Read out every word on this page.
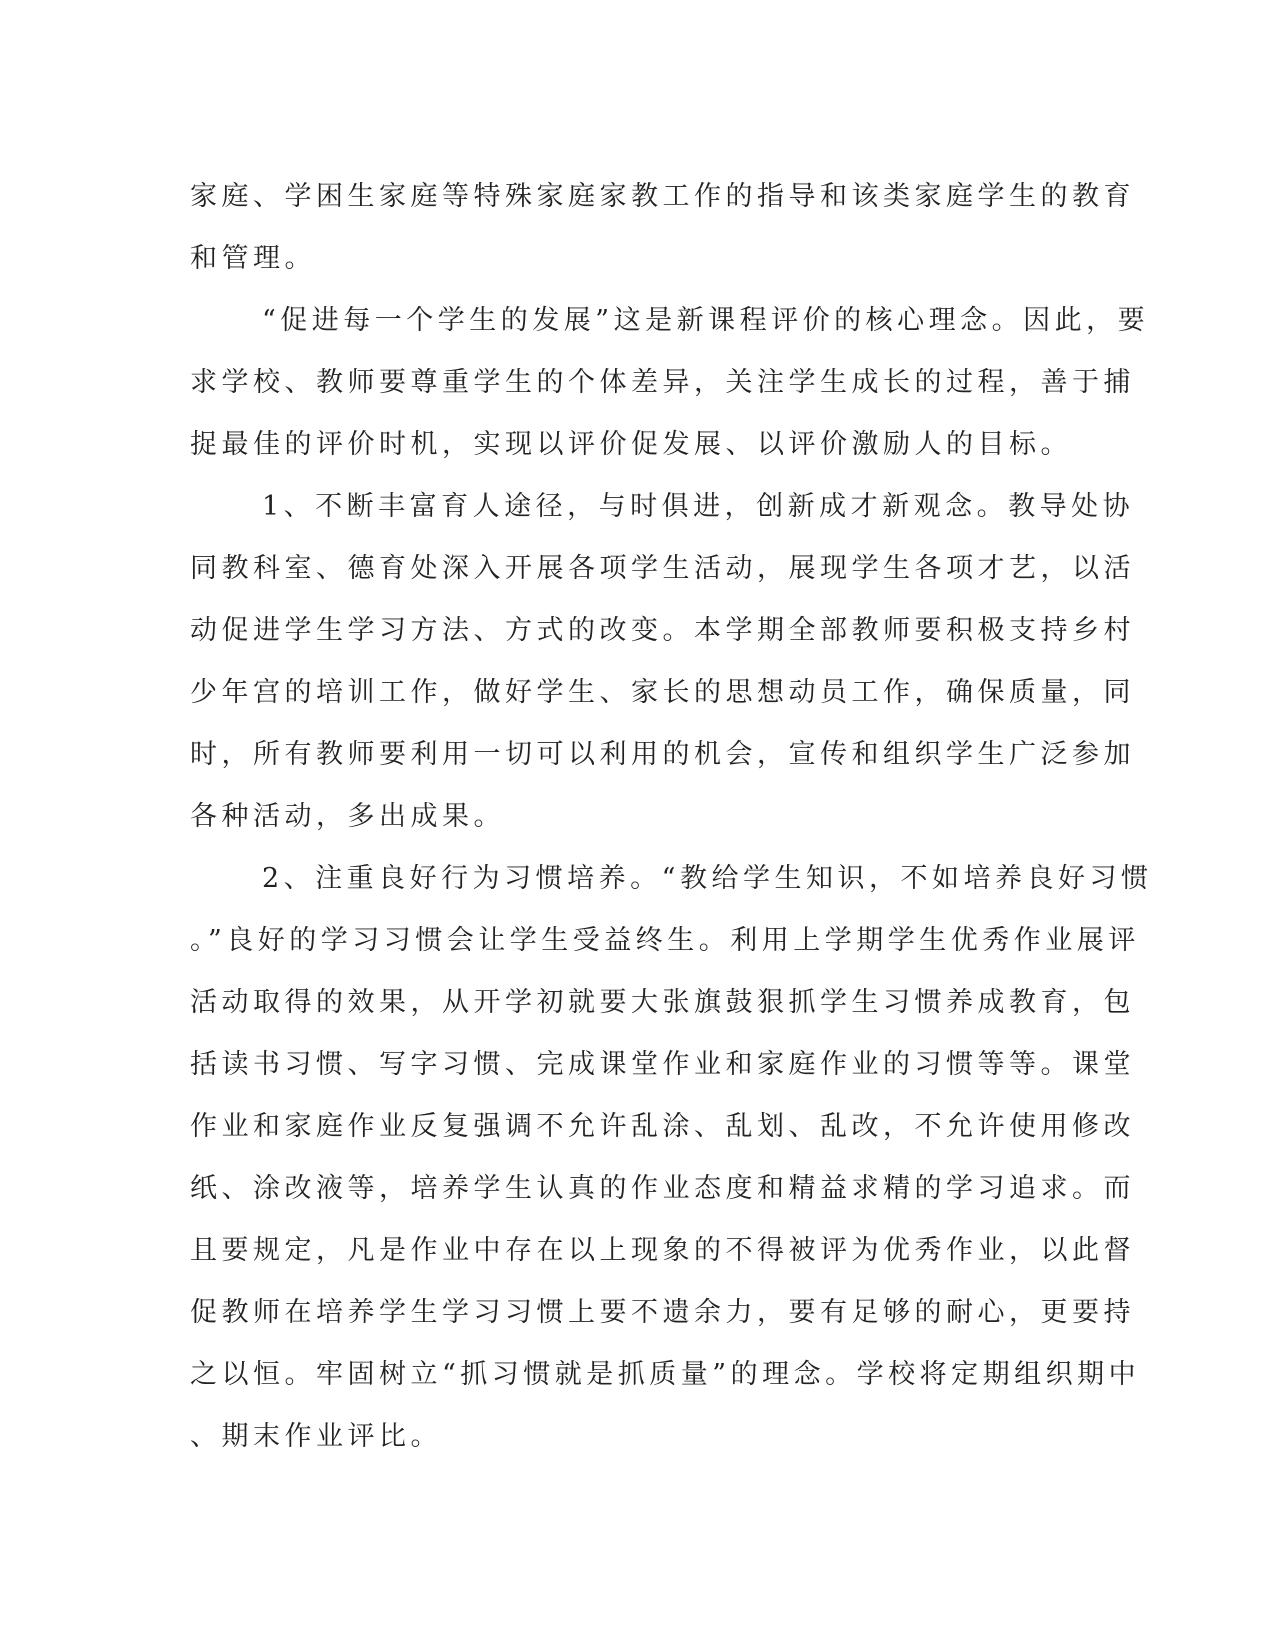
家庭、学困生家庭等特殊家庭家教工作的指导和该类家庭学生的教育
和管理。
“促进每一个学生的发展”这是新课程评价的核心理念。因此，要
求学校、教师要尊重学生的个体差异，关注学生成长的过程，善于捕
捉最佳的评价时机，实现以评价促发展、以评价激励人的目标。
1、不断丰富育人途径，与时俱进，创新成才新观念。教导处协
同教科室、德育处深入开展各项学生活动，展现学生各项才艺，以活
动促进学生学习方法、方式的改变。本学期全部教师要积极支持乡村
少年宫的培训工作，做好学生、家长的思想动员工作，确保质量，同
时，所有教师要利用一切可以利用的机会，宣传和组织学生广泛参加
各种活动，多出成果。
2、注重良好行为习惯培养。“教给学生知识，不如培养良好习惯
。”良好的学习习惯会让学生受益终生。利用上学期学生优秀作业展评
活动取得的效果，从开学初就要大张旗鼓狠抓学生习惯养成教育，包
括读书习惯、写字习惯、完成课堂作业和家庭作业的习惯等等。课堂
作业和家庭作业反复强调不允许乱涂、乱划、乱改，不允许使用修改
纸、涂改液等，培养学生认真的作业态度和精益求精的学习追求。而
且要规定，凡是作业中存在以上现象的不得被评为优秀作业，以此督
促教师在培养学生学习习惯上要不遗余力，要有足够的耐心，更要持
之以恒。牢固树立“抓习惯就是抓质量”的理念。学校将定期组织期中
、期末作业评比。
